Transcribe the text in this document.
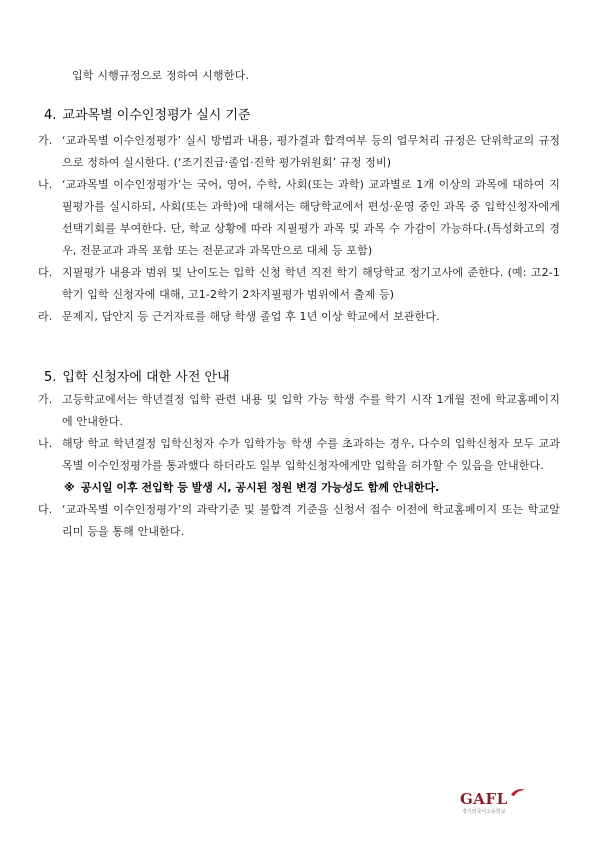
입학 시행규정으로 정하여 시행한다.
4. 교과목별 이수인정평가 실시 기준
가. ‘교과목별 이수인정평가’ 실시 방법과 내용, 평가결과 합격여부 등의 업무처리 규정은 단위학교의 규정으로 정하여 실시한다. (‘조기진급·졸업·진학 평가위원회’ 규정 정비)
나. ‘교과목별 이수인정평가’는 국어, 영어, 수학, 사회(또는 과학) 교과별로 1개 이상의 과목에 대하여 지필평가를 실시하되, 사회(또는 과학)에 대해서는 해당학교에서 편성·운영 중인 과목 중 입학신청자에게 선택기회를 부여한다. 단, 학교 상황에 따라 지필평가 과목 및 과목 수 가감이 가능하다.(특성화고의 경우, 전문교과 과목 포함 또는 전문교과 과목만으로 대체 등 포함)
다. 지필평가 내용과 범위 및 난이도는 입학 신청 학년 직전 학기 해당학교 정기고사에 준한다. (예: 고2-1학기 입학 신청자에 대해, 고1-2학기 2차지필평가 범위에서 출제 등)
라. 문제지, 답안지 등 근거자료를 해당 학생 졸업 후 1년 이상 학교에서 보관한다.
5. 입학 신청자에 대한 사전 안내
가. 고등학교에서는 학년결정 입학 관련 내용 및 입학 가능 학생 수를 학기 시작 1개월 전에 학교홈페이지에 안내한다.
나. 해당 학교 학년결정 입학신청자 수가 입학가능 학생 수를 초과하는 경우, 다수의 입학신청자 모두 교과목별 이수인정평가를 통과했다 하더라도 일부 입학신청자에게만 입학을 허가할 수 있음을 안내한다.
※ 공시일 이후 전입학 등 발생 시, 공시된 정원 변경 가능성도 함께 안내한다.
다. ‘교과목별 이수인정평가’의 과락기준 및 불합격 기준을 신청서 접수 이전에 학교홈페이지 또는 학교알리미 등을 통해 안내한다.
GAFL
경기외국어고등학교
